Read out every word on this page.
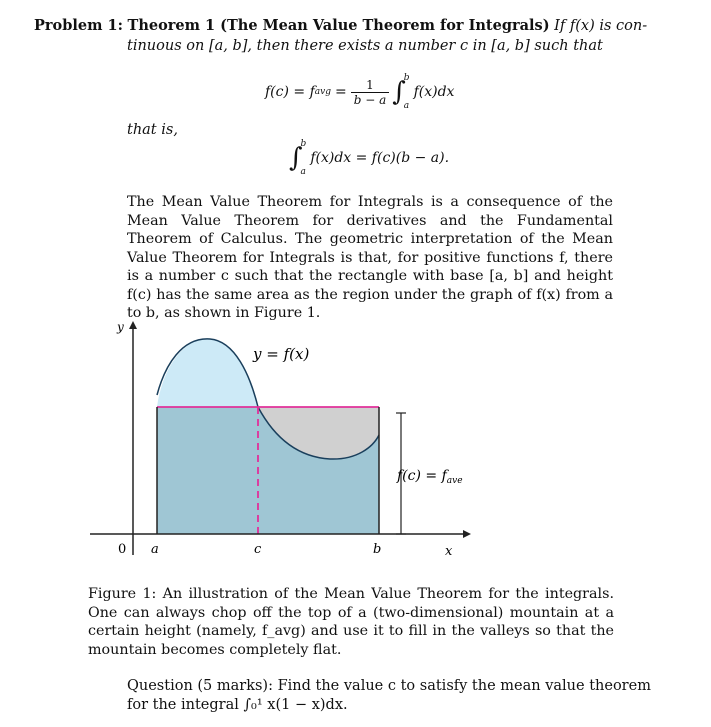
Problem 1: Theorem 1 (The Mean Value Theorem for Integrals) If f(x) is con-
tinuous on [a, b], then there exists a number c in [a, b] such that
f(c) = f avg = $\frac{1}{b - a}$ ∫
b
a
f(x)dx
that is,
∫
b
a
f(x)dx = f(c)(b − a).
The Mean Value Theorem for Integrals is a consequence of the Mean Value Theorem for derivatives and the Fundamental Theorem of Calculus. The geometric interpretation of the Mean Value Theorem for Integrals is that, for positive functions f, there is a number c such that the rectangle with base [a, b] and height f(c) has the same area as the region under the graph of f(x) from a to b, as shown in Figure 1.
y
x
0 a	c	b
y = f(x)
$f(c) = f_{ave}$
Figure 1: An illustration of the Mean Value Theorem for the integrals. One can always chop off the top of a (two-dimensional) mountain at a certain height (namely, f_avg) and use it to fill in the valleys so that the mountain becomes completely flat.
Question (5 marks): Find the value c to satisfy the mean value theorem
for the integral ∫₀¹ x(1 − x)dx.
